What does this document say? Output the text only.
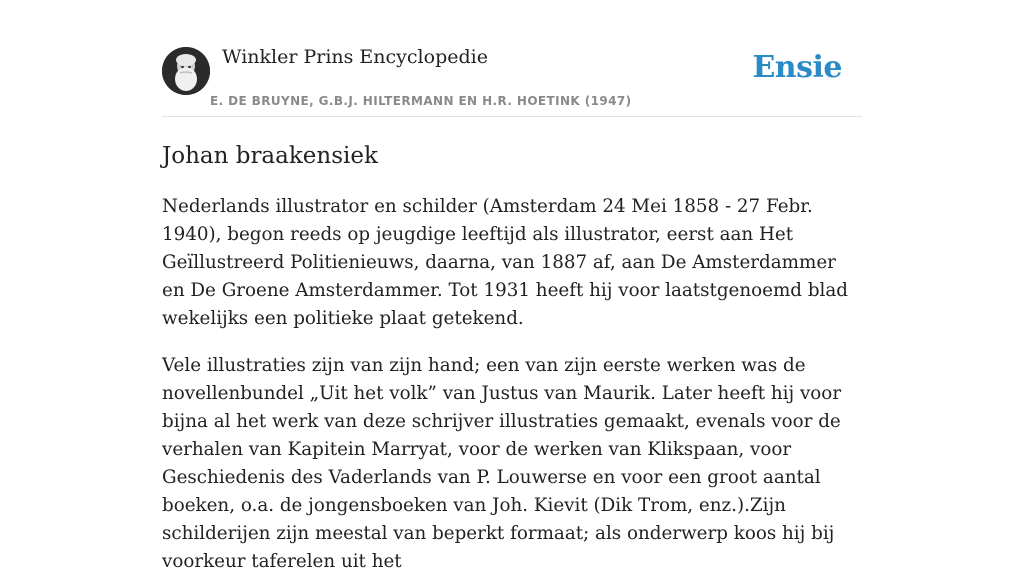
Winkler Prins Encyclopedie
E. DE BRUYNE, G.B.J. HILTERMANN EN H.R. HOETINK (1947)
Ensie
Johan braakensiek

Nederlands illustrator en schilder (Amsterdam 24 Mei 1858 - 27 Febr. 1940), begon reeds op jeugdige leeftijd als illustrator, eerst aan Het Geïllustreerd Politienieuws, daarna, van 1887 af, aan De Amsterdammer en De Groene Amsterdammer. Tot 1931 heeft hij voor laatstgenoemd blad wekelijks een politieke plaat getekend.

Vele illustraties zijn van zijn hand; een van zijn eerste werken was de novellenbundel „Uit het volk” van Justus van Maurik. Later heeft hij voor bijna al het werk van deze schrijver illustraties gemaakt, evenals voor de verhalen van Kapitein Marryat, voor de werken van Klikspaan, voor Geschiedenis des Vaderlands van P. Louwerse en voor een groot aantal boeken, o.a. de jongensboeken van Joh. Kievit (Dik Trom, enz.).Zijn schilderijen zijn meestal van beperkt formaat; als onderwerp koos hij bij voorkeur taferelen uit het
